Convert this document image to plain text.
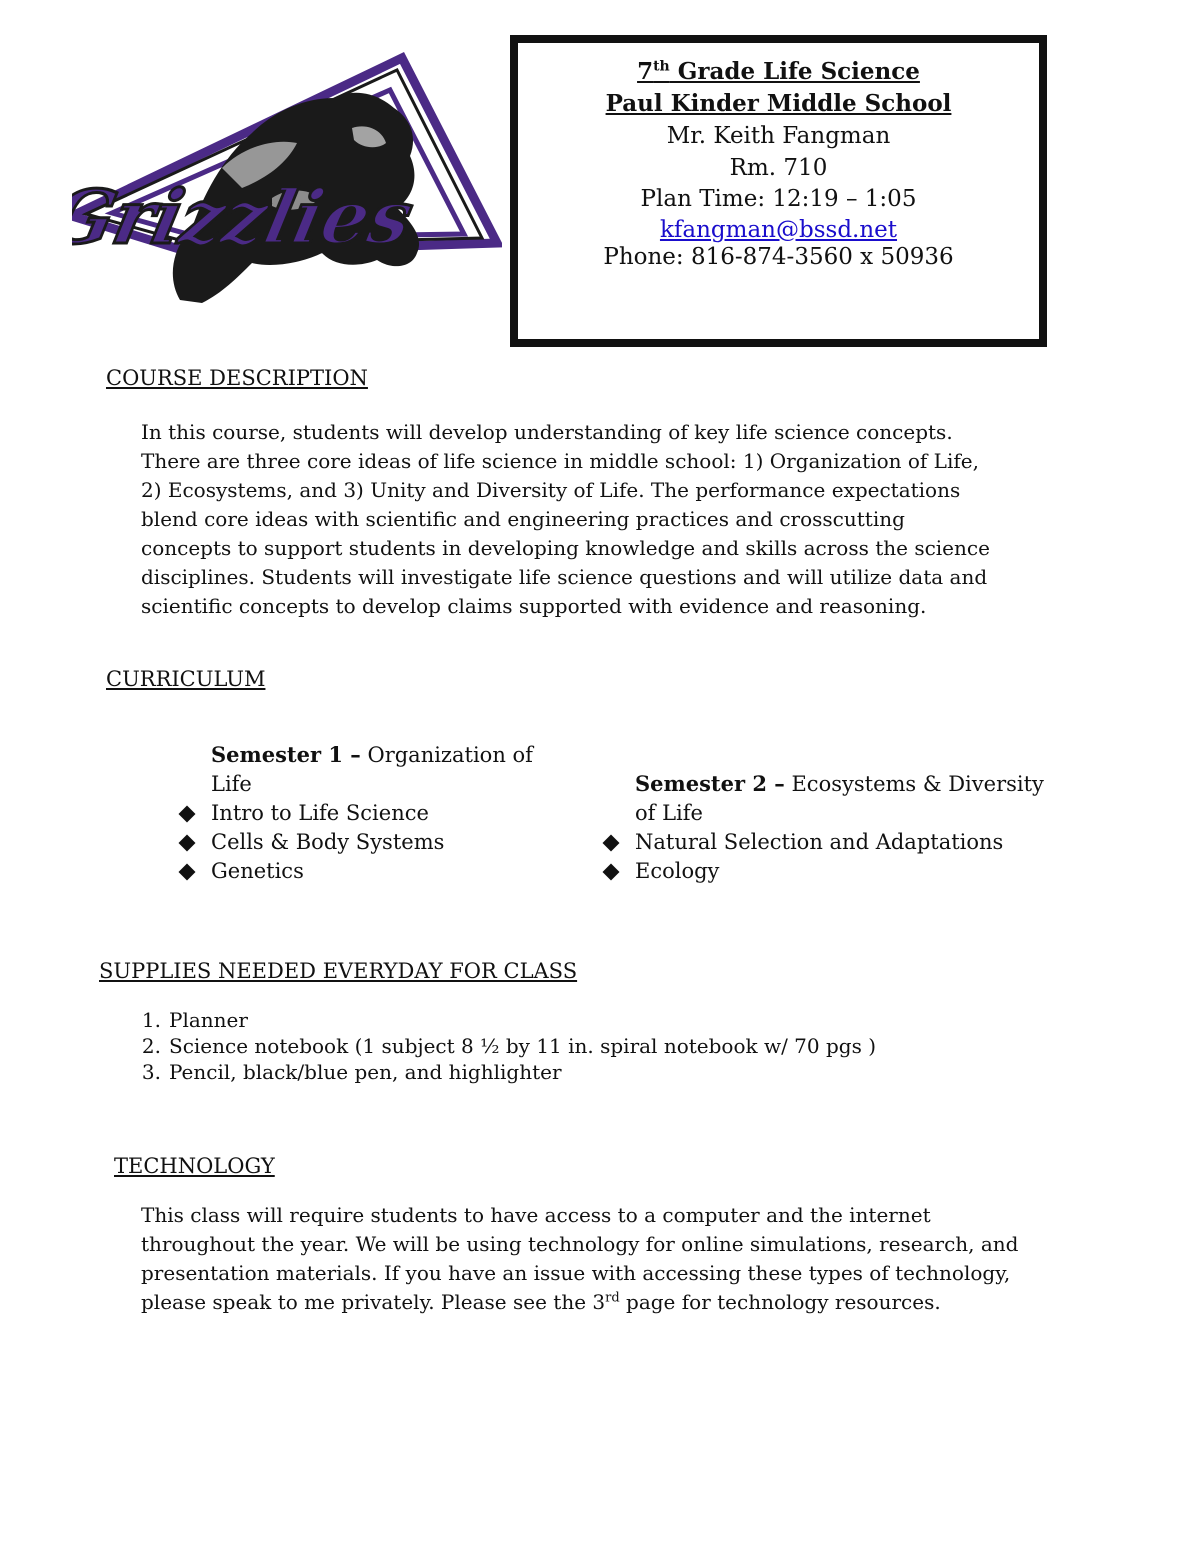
Grizzlies
7th Grade Life Science
Paul Kinder Middle School
Mr. Keith Fangman
Rm. 710
Plan Time: 12:19 – 1:05
kfangman@bssd.net
Phone: 816-874-3560 x 50936
COURSE DESCRIPTION

In this course, students will develop understanding of key life science concepts.

There are three core ideas of life science in middle school: 1) Organization of Life,

2) Ecosystems, and 3) Unity and Diversity of Life. The performance expectations

blend core ideas with scientific and engineering practices and crosscutting

concepts to support students in developing knowledge and skills across the science

disciplines. Students will investigate life science questions and will utilize data and

scientific concepts to develop claims supported with evidence and reasoning.

CURRICULUM
Semester 1 – Organization of
Life
Intro to Life Science
Cells & Body Systems
Genetics
Semester 2 – Ecosystems & Diversity
of Life
Natural Selection and Adaptations
Ecology
SUPPLIES NEEDED EVERYDAY FOR CLASS
1. Planner
2. Science notebook (1 subject 8 ½ by 11 in. spiral notebook w/ 70 pgs )
3. Pencil, black/blue pen, and highlighter
TECHNOLOGY

This class will require students to have access to a computer and the internet

throughout the year. We will be using technology for online simulations, research, and

presentation materials. If you have an issue with accessing these types of technology,

please speak to me privately. Please see the 3rd page for technology resources.
